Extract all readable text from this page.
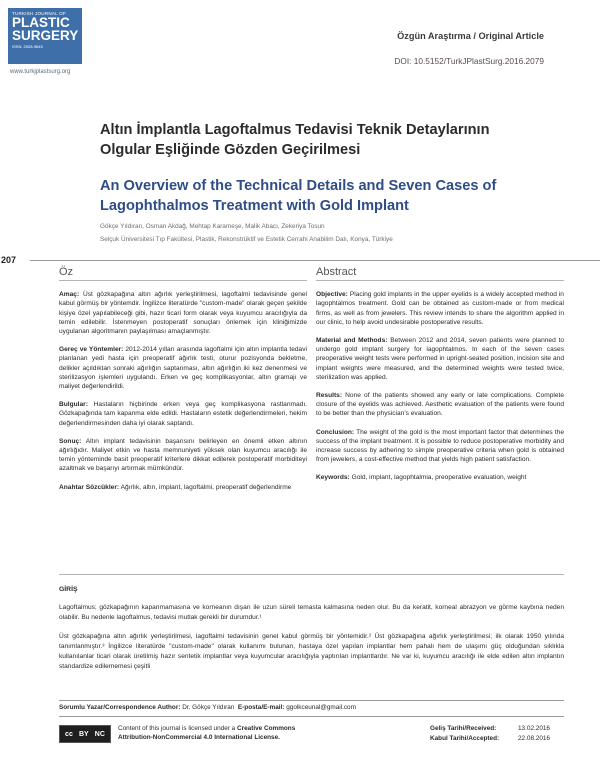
TURKISH JOURNAL OF
PLASTIC
SURGERY
ISSN: 2528-9845
www.turkjplastsurg.org
Özgün Araştırma / Original Article
DOI: 10.5152/TurkJPlastSurg.2016.2079
Altın İmplantla Lagoftalmus Tedavisi Teknik Detaylarının Olgular Eşliğinde Gözden Geçirilmesi
An Overview of the Technical Details and Seven Cases of Lagophthalmos Treatment with Gold Implant
Gökçe Yıldıran, Osman Akdağ, Mehtap Karameşe, Malik Abacı, Zekeriya Tosun
Selçuk Üniversitesi Tıp Fakültesi, Plastik, Rekonstrüktif ve Estetik Cerrahi Anabilim Dalı, Konya, Türkiye
207
Öz

Amaç: Üst gözkapağına altın ağırlık yerleştirilmesi, lagoftalmi tedavisinde genel kabul görmüş bir yöntemdir. İngilizce literatürde "custom-made" olarak geçen şekilde kişiye özel yapılabileceği gibi, hazır ticari form olarak veya kuyumcu aracılığıyla da temin edilebilir. İstenmeyen postoperatif sonuçları önlemek için kliniğimizde uygulanan algoritmanın paylaşılması amaçlanmıştır.

Gereç ve Yöntemler: 2012-2014 yılları arasında lagoftalmi için altın implantla tedavi planlanan yedi hasta için preoperatif ağırlık testi, oturur pozisyonda bekletme, delikler açıldıktan sonraki ağırlığın saptanması, altın ağırlığın iki kez denenmesi ve sterilizasyon işlemleri uygulandı. Erken ve geç komplikasyonlar, altın gramajı ve maliyet değerlendirildi.

Bulgular: Hastaların hiçbirinde erken veya geç komplikasyona rastlanmadı. Gözkapağında tam kapanma elde edildi. Hastaların estetik değerlendirmeleri, hekim değerlendirmesinden daha iyi olarak saptandı.

Sonuç: Altın implant tedavisinin başarısını belirleyen en önemli etken altının ağırlığıdır. Maliyet etkin ve hasta memnuniyeti yüksek olan kuyumcu aracılığı ile temin yönteminde basit preoperatif kriterlere dikkat edilerek postoperatif morbiditeyi azaltmak ve başarıyı artırmak mümkündür.

Anahtar Sözcükler: Ağırlık, altın, implant, lagoftalmi, preoperatif değerlendirme

Abstract

Objective: Placing gold implants in the upper eyelids is a widely accepted method in lagophtalmos treatment. Gold can be obtained as custom-made or from medical firms, as well as from jewelers. This review intends to share the algorithm applied in our clinic, to help avoid undesirable postoperative results.

Material and Methods: Between 2012 and 2014, seven patients were planned to undergo gold implant surgery for lagophtalmos. In each of the seven cases preoperative weight tests were performed in upright-seated position, incision site and implant weights were measured, and the determined weights were tested twice, sterilization was applied.

Results: None of the patients showed any early or late complications. Complete closure of the eyelids was achieved. Aesthetic evaluation of the patients were found to be better than the physician's evaluation.

Conclusion: The weight of the gold is the most important factor that determines the success of the implant treatment. It is possible to reduce postoperative morbidity and increase success by adhering to simple preoperative criteria when gold is obtained from jewelers, a cost-effective method that yields high patient satisfaction.

Keywords: Gold, implant, lagophtalmia, preoperative evaluation, weight

GİRİŞ

Lagoftalmus; gözkapağının kapanmamasına ve korneanın dışarı ile uzun süreli temasta kalmasına neden olur. Bu da keratit, korneal abrazyon ve görme kaybına neden olabilir. Bu nedenle lagoftalmus, tedavisi mutlak gerekli bir durumdur.¹

Üst gözkapağına altın ağırlık yerleştirilmesi, lagoftalmi tedavisinin genel kabul görmüş bir yöntemidir.² Üst gözkapağına ağırlık yerleştirilmesi; ilk olarak 1950 yılında tanımlanmıştır.³ İngilizce literatürde "custom-made" olarak kullanımı bulunan, hastaya özel yapılan implantlar hem pahalı hem de ulaşımı güç olduğundan sıklıkla kullanılanlar ticari olarak üretilmiş hazır sentetik implantlar veya kuyumcular aracılığıyla yaptırılan implantlardır. Ne var ki, kuyumcu aracılığı ile elde edilen altın implantın standardize edilememesi çeşitli

Sorumlu Yazar/Correspondence Author: Dr. Gökçe Yıldıran E-posta/E-mail: ggolkceunal@gmail.com
cc BY NC
Content of this journal is licensed under a Creative Commons
Attribution-NonCommercial 4.0 International License.
Geliş Tarihi/Received:	13.02.2016
Kabul Tarihi/Accepted:	22.08.2016
